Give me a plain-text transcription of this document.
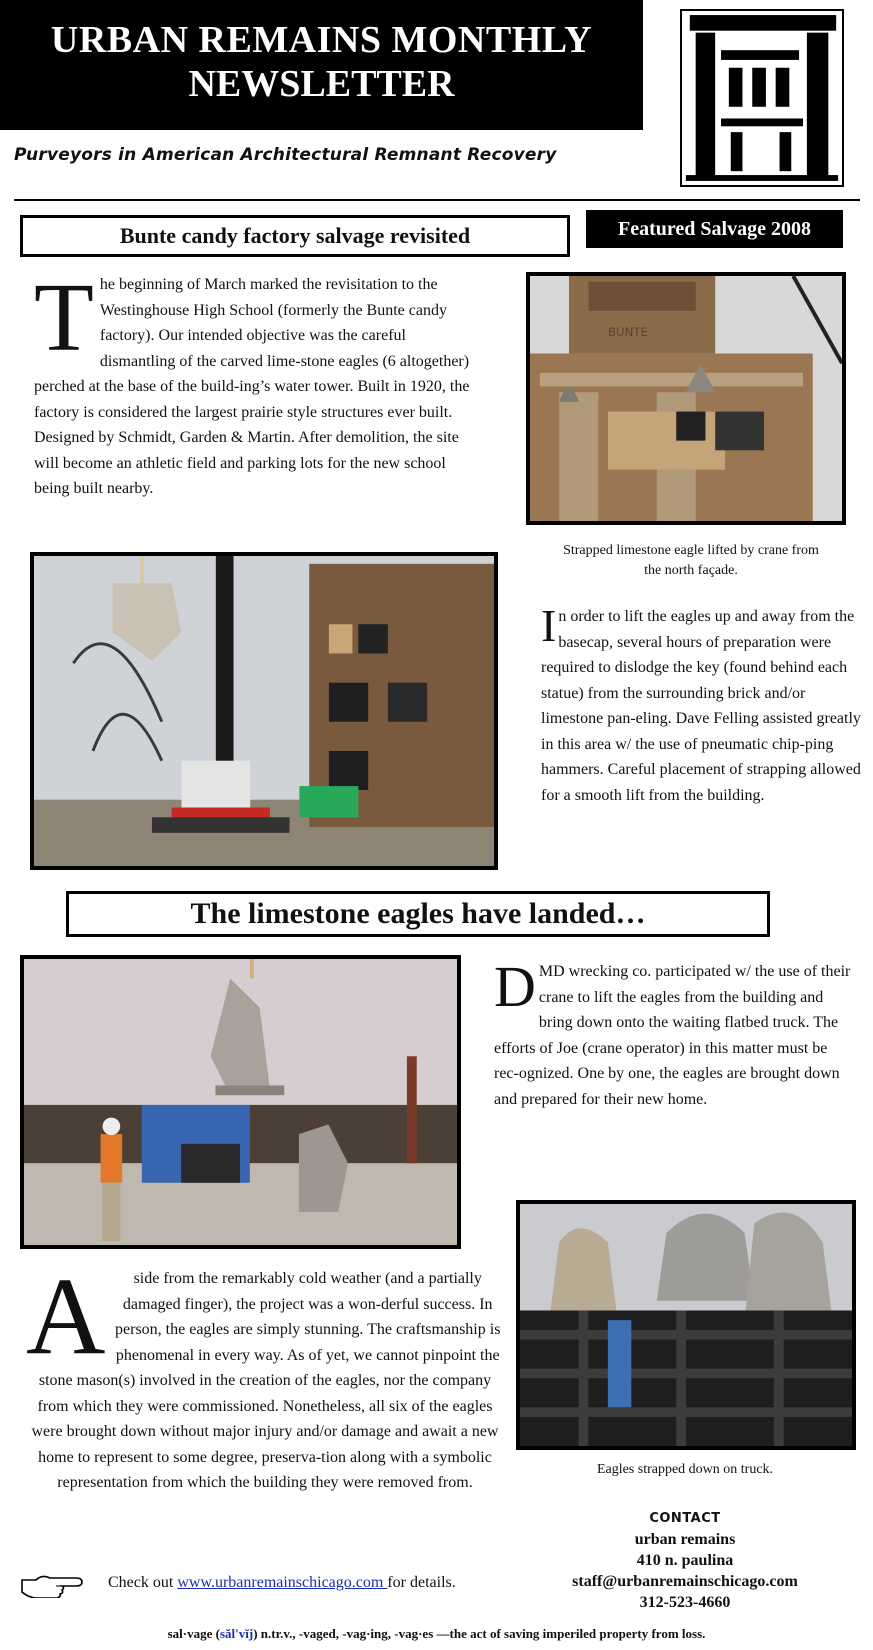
URBAN REMAINS MONTHLY
NEWSLETTER
Purveyors in American Architectural Remnant Recovery
Bunte candy factory salvage revisited	Featured Salvage 2008
T he beginning of March marked the revisitation to the Westinghouse High School (formerly the Bunte candy factory). Our intended objective was the careful dismantling of the carved lime-stone eagles (6 altogether) perched at the base of the build-ing’s water tower. Built in 1920, the factory is considered the largest prairie style structures ever built. Designed by Schmidt, Garden & Martin. After demolition, the site will become an athletic field and parking lots for the new school being built nearby.
BUNTE
Strapped limestone eagle lifted by crane from the north façade.
I n order to lift the eagles up and away from the basecap, several hours of preparation were required to dislodge the key (found behind each statue) from the surrounding brick and/or limestone pan-eling. Dave Felling assisted greatly in this area w/ the use of pneumatic chip-ping hammers. Careful placement of strapping allowed for a smooth lift from the building.
The limestone eagles have landed…
D MD wrecking co. participated w/ the use of their crane to lift the eagles from the building and bring down onto the waiting flatbed truck. The efforts of Joe (crane operator) in this matter must be rec-ognized. One by one, the eagles are brought down and prepared for their new home.
Eagles strapped down on truck.
A side from the remarkably cold weather (and a partially damaged finger), the project was a won-derful success. In person, the eagles are simply stunning. The craftsmanship is phenomenal in every way. As of yet, we cannot pinpoint the stone mason(s) involved in the creation of the eagles, nor the company from which they were commissioned. Nonetheless, all six of the eagles were brought down without major injury and/or damage and await a new home to represent to some degree, preserva-tion along with a symbolic representation from which the building they were removed from.
Check out www.urbanremainschicago.com for details.
CONTACT
urban remains
410 n. paulina
staff@urbanremainschicago.com
312-523-4660
sal·vage (săl'vĭj) n.tr.v., -vaged, -vag·ing, -vag·es —the act of saving imperiled property from loss.
